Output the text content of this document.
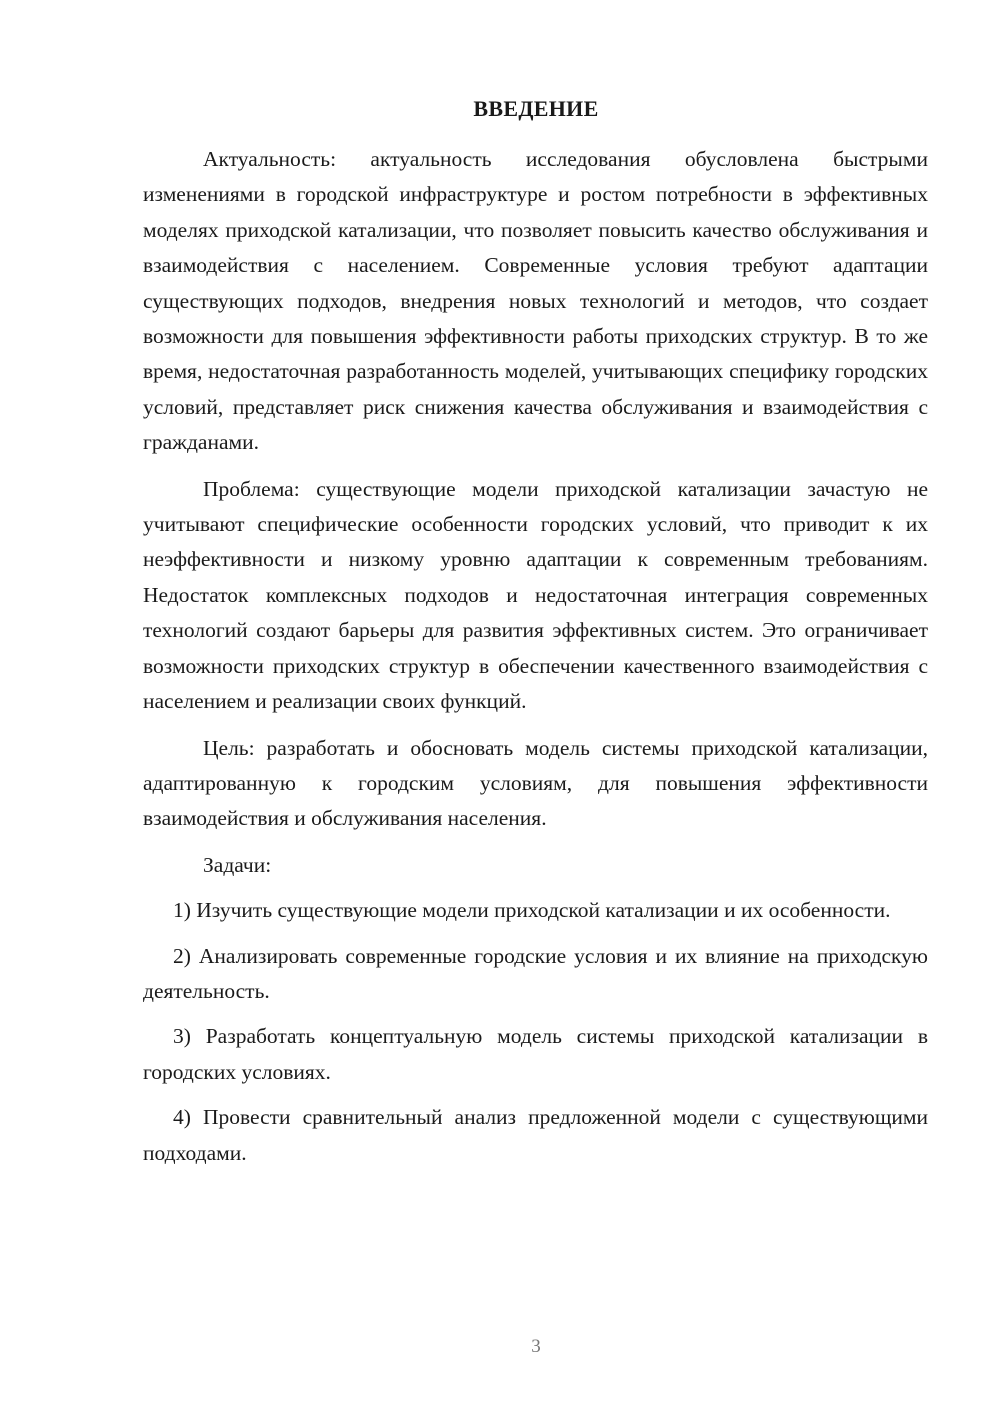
ВВЕДЕНИЕ

Актуальность: актуальность исследования обусловлена быстрыми изменениями в городской инфраструктуре и ростом потребности в эффективных моделях приходской катализации, что позволяет повысить качество обслуживания и взаимодействия с населением. Современные условия требуют адаптации существующих подходов, внедрения новых технологий и методов, что создает возможности для повышения эффективности работы приходских структур. В то же время, недостаточная разработанность моделей, учитывающих специфику городских условий, представляет риск снижения качества обслуживания и взаимодействия с гражданами.

Проблема: существующие модели приходской катализации зачастую не учитывают специфические особенности городских условий, что приводит к их неэффективности и низкому уровню адаптации к современным требованиям. Недостаток комплексных подходов и недостаточная интеграция современных технологий создают барьеры для развития эффективных систем. Это ограничивает возможности приходских структур в обеспечении качественного взаимодействия с населением и реализации своих функций.

Цель: разработать и обосновать модель системы приходской катализации, адаптированную к городским условиям, для повышения эффективности взаимодействия и обслуживания населения.

Задачи:

1) Изучить существующие модели приходской катализации и их особенности.

2) Анализировать современные городские условия и их влияние на приходскую деятельность.

3) Разработать концептуальную модель системы приходской катализации в городских условиях.

4) Провести сравнительный анализ предложенной модели с существующими подходами.

3
